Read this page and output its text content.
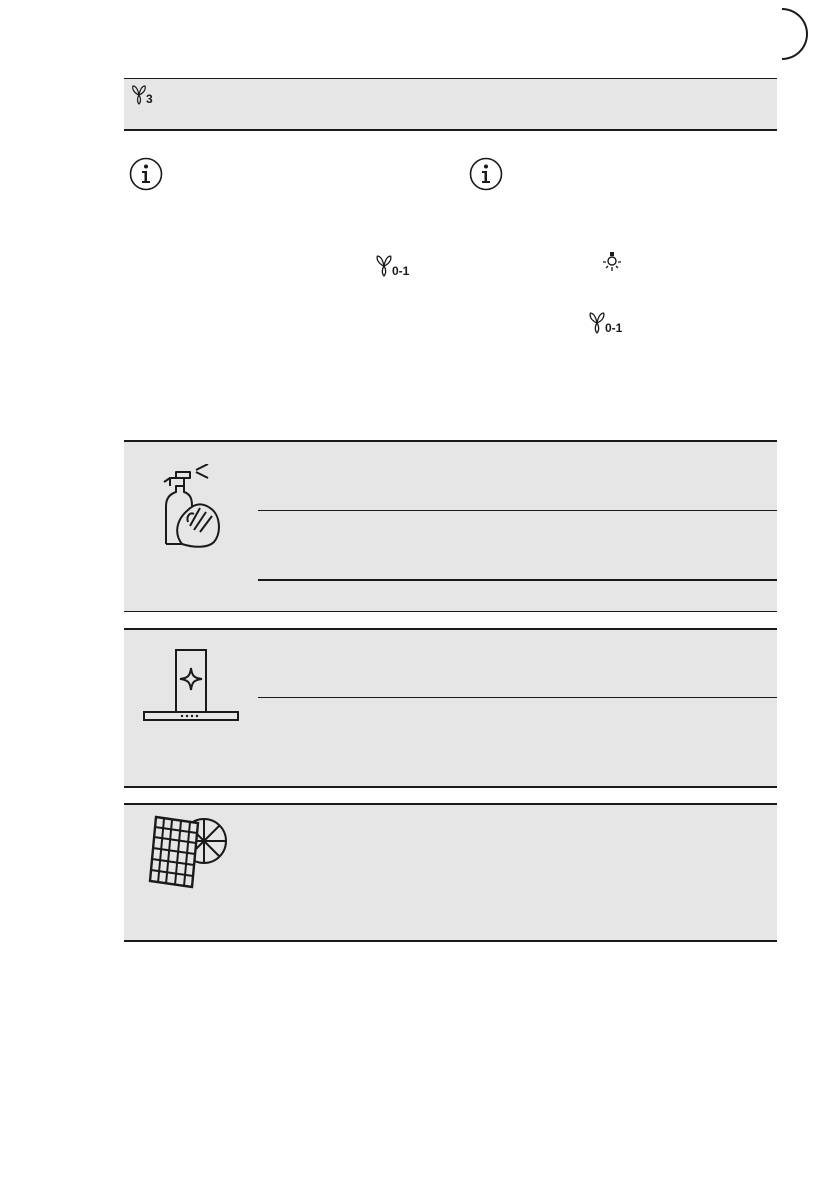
3
0-1
0-1
